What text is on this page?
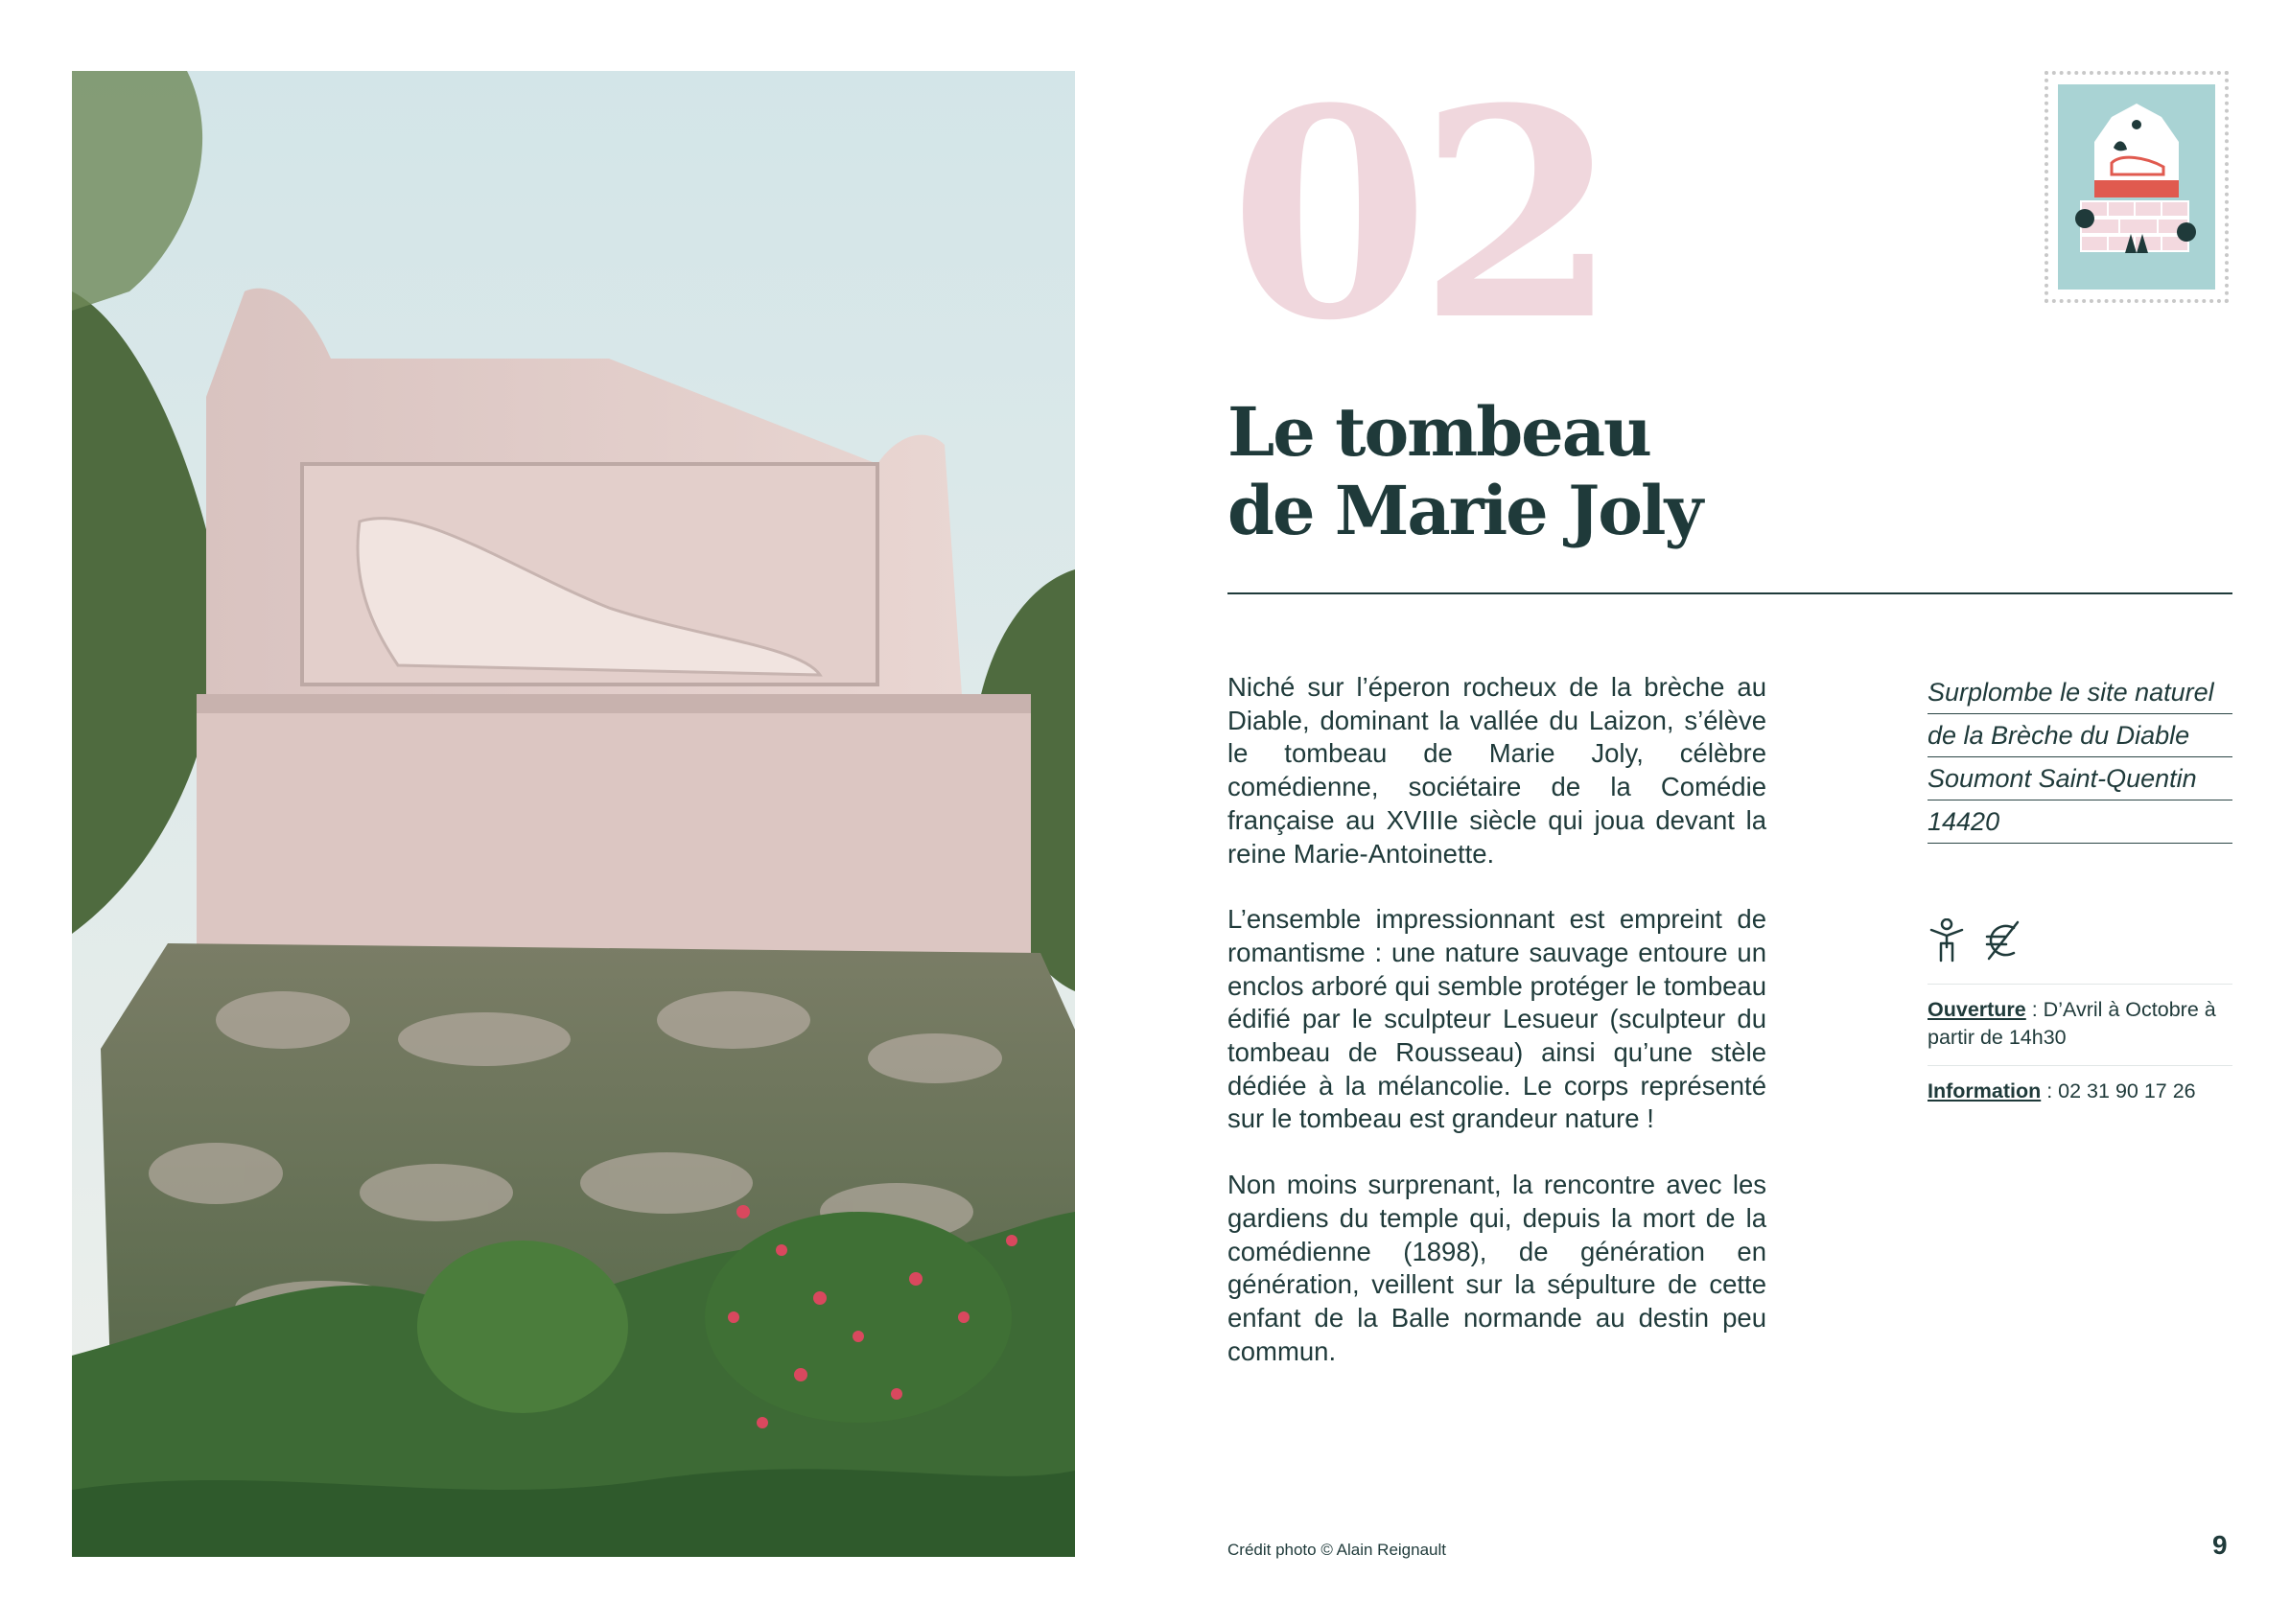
02
Le tombeau
de Marie Joly

Niché sur l’éperon rocheux de la brèche au Diable, dominant la vallée du Laizon, s’élève le tombeau de Marie Joly, célèbre comédienne, sociétaire de la Comédie française au XVIIIe siècle qui joua devant la reine Marie-Antoinette.

L’ensemble impressionnant est empreint de romantisme : une nature sauvage entoure un enclos arboré qui semble protéger le tombeau édifié par le sculpteur Lesueur (sculpteur du tombeau de Rousseau) ainsi qu’une stèle dédiée à la mélancolie. Le corps représenté sur le tombeau est grandeur nature !

Non moins surprenant, la rencontre avec les gardiens du temple qui, depuis la mort de la comédienne (1898), de génération en génération, veillent sur la sépulture de cette enfant de la Balle normande au destin peu commun.

Surplombe le site naturel
de la Brèche du Diable
Soumont Saint-Quentin
14420
Ouverture : D’Avril à Octobre à partir de 14h30
Information : 02 31 90 17 26
Crédit photo © Alain Reignault	9
